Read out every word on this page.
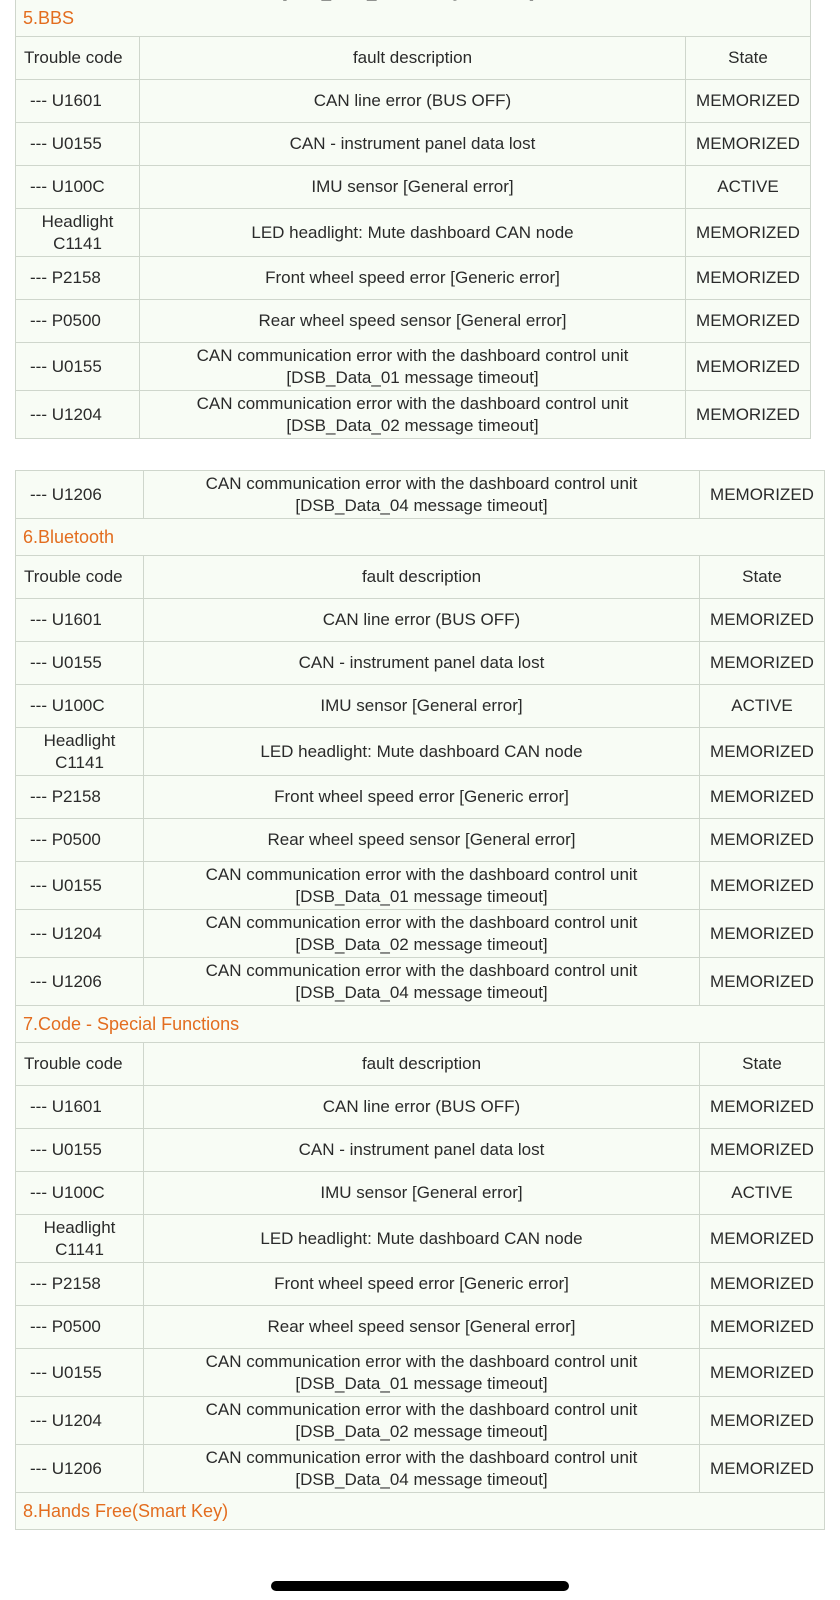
5.BBS
Trouble code	fault description	State
--- U1601	CAN line error (BUS OFF)	MEMORIZED
--- U0155	CAN - instrument panel data lost	MEMORIZED
--- U100C	IMU sensor [General error]	ACTIVE
Headlight C1141	LED headlight: Mute dashboard CAN node	MEMORIZED
--- P2158	Front wheel speed error [Generic error]	MEMORIZED
--- P0500	Rear wheel speed sensor [General error]	MEMORIZED
--- U0155	CAN communication error with the dashboard control unit [DSB_Data_01 message timeout]	MEMORIZED
--- U1204	CAN communication error with the dashboard control unit [DSB_Data_02 message timeout]	MEMORIZED
--- U1206	CAN communication error with the dashboard control unit [DSB_Data_04 message timeout]	MEMORIZED
6.Bluetooth
Trouble code	fault description	State
--- U1601	CAN line error (BUS OFF)	MEMORIZED
--- U0155	CAN - instrument panel data lost	MEMORIZED
--- U100C	IMU sensor [General error]	ACTIVE
Headlight C1141	LED headlight: Mute dashboard CAN node	MEMORIZED
--- P2158	Front wheel speed error [Generic error]	MEMORIZED
--- P0500	Rear wheel speed sensor [General error]	MEMORIZED
--- U0155	CAN communication error with the dashboard control unit [DSB_Data_01 message timeout]	MEMORIZED
--- U1204	CAN communication error with the dashboard control unit [DSB_Data_02 message timeout]	MEMORIZED
--- U1206	CAN communication error with the dashboard control unit [DSB_Data_04 message timeout]	MEMORIZED
7.Code - Special Functions
Trouble code	fault description	State
--- U1601	CAN line error (BUS OFF)	MEMORIZED
--- U0155	CAN - instrument panel data lost	MEMORIZED
--- U100C	IMU sensor [General error]	ACTIVE
Headlight C1141	LED headlight: Mute dashboard CAN node	MEMORIZED
--- P2158	Front wheel speed error [Generic error]	MEMORIZED
--- P0500	Rear wheel speed sensor [General error]	MEMORIZED
--- U0155	CAN communication error with the dashboard control unit [DSB_Data_01 message timeout]	MEMORIZED
--- U1204	CAN communication error with the dashboard control unit [DSB_Data_02 message timeout]	MEMORIZED
--- U1206	CAN communication error with the dashboard control unit [DSB_Data_04 message timeout]	MEMORIZED
8.Hands Free(Smart Key)
